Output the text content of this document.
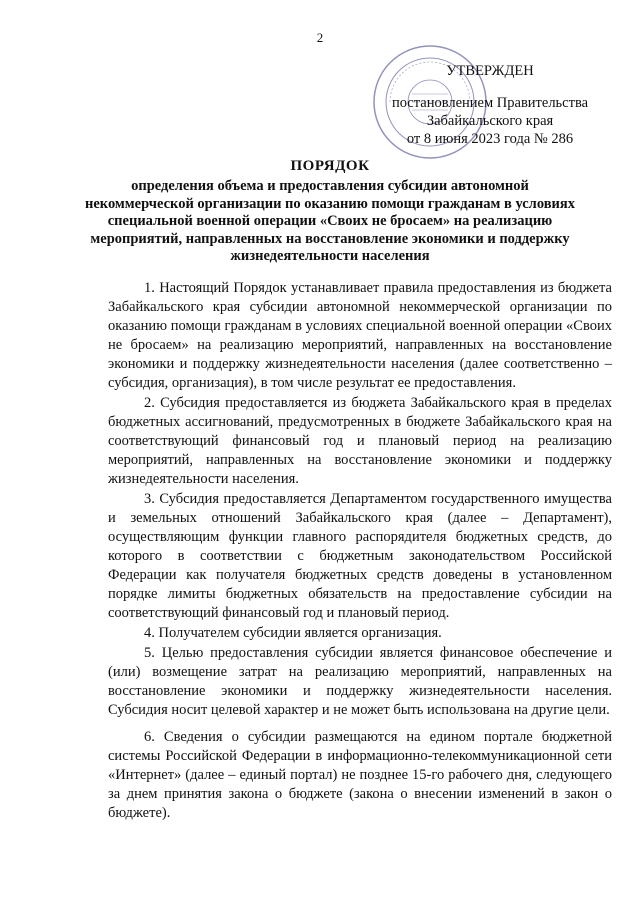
2
УТВЕРЖДЕН
постановлением Правительства
Забайкальского края
от 8 июня 2023 года № 286
ПОРЯДОК
определения объема и предоставления субсидии автономной некоммерческой организации по оказанию помощи гражданам в условиях специальной военной операции «Своих не бросаем» на реализацию мероприятий, направленных на восстановление экономики и поддержку жизнедеятельности населения

1. Настоящий Порядок устанавливает правила предоставления из бюджета Забайкальского края субсидии автономной некоммерческой организации по оказанию помощи гражданам в условиях специальной военной операции «Своих не бросаем» на реализацию мероприятий, направленных на восстановление экономики и поддержку жизнедеятельности населения (далее соответственно – субсидия, организация), в том числе результат ее предоставления.

2. Субсидия предоставляется из бюджета Забайкальского края в пределах бюджетных ассигнований, предусмотренных в бюджете Забайкальского края на соответствующий финансовый год и плановый период на реализацию мероприятий, направленных на восстановление экономики и поддержку жизнедеятельности населения.

3. Субсидия предоставляется Департаментом государственного имущества и земельных отношений Забайкальского края (далее – Департамент), осуществляющим функции главного распорядителя бюджетных средств, до которого в соответствии с бюджетным законодательством Российской Федерации как получателя бюджетных средств доведены в установленном порядке лимиты бюджетных обязательств на предоставление субсидии на соответствующий финансовый год и плановый период.

4. Получателем субсидии является организация.

5. Целью предоставления субсидии является финансовое обеспечение и (или) возмещение затрат на реализацию мероприятий, направленных на восстановление экономики и поддержку жизнедеятельности населения. Субсидия носит целевой характер и не может быть использована на другие цели.

6. Сведения о субсидии размещаются на едином портале бюджетной системы Российской Федерации в информационно-телекоммуникационной сети «Интернет» (далее – единый портал) не позднее 15-го рабочего дня, следующего за днем принятия закона о бюджете (закона о внесении изменений в закон о бюджете).
